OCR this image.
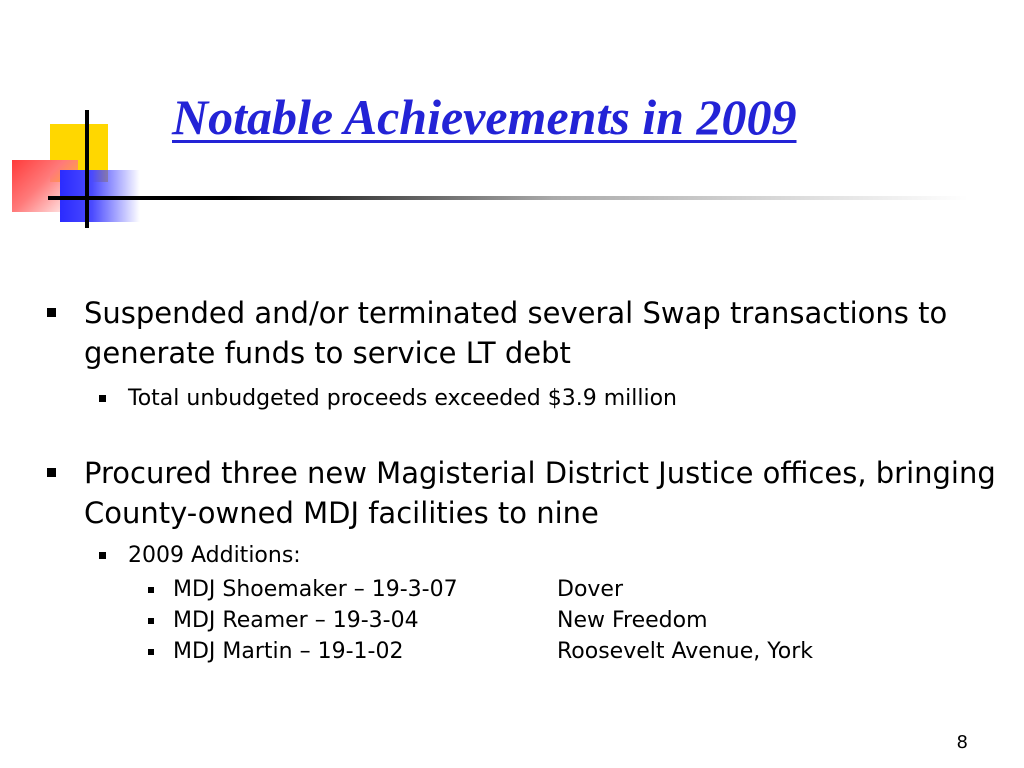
Notable Achievements in 2009
Suspended and/or terminated several Swap transactions to generate funds to service LT debt
Total unbudgeted proceeds exceeded $3.9 million
Procured three new Magisterial District Justice offices, bringing County-owned MDJ facilities to nine
2009 Additions:
MDJ Shoemaker – 19-3-07	Dover
MDJ Reamer – 19-3-04	New Freedom
MDJ Martin – 19-1-02	Roosevelt Avenue, York
8
